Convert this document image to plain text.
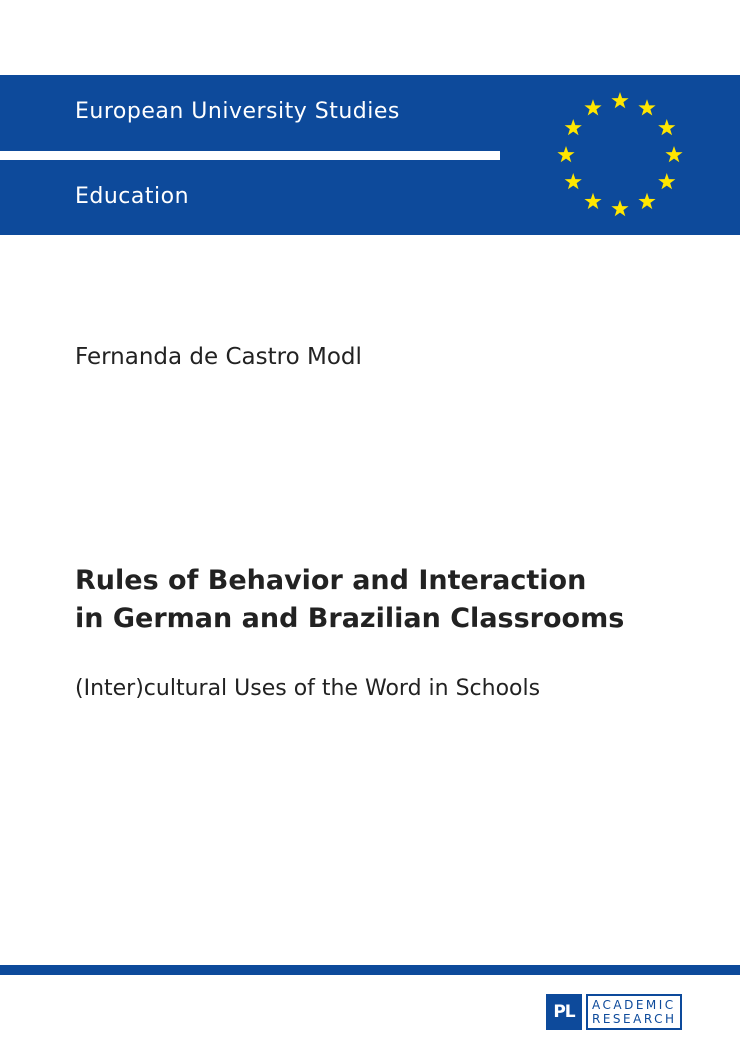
European University Studies
Education
Fernanda de Castro Modl
Rules of Behavior and Interaction
in German and Brazilian Classrooms
(Inter)cultural Uses of the Word in Schools
PL	ACADEMIC
RESEARCH
